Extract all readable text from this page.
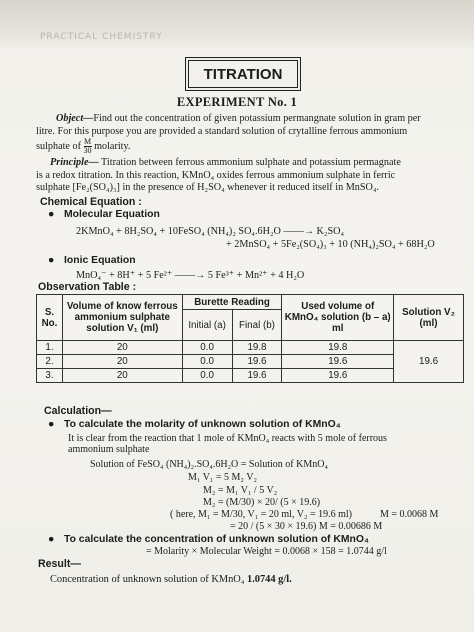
PRACTICAL CHEMISTRY
TITRATION
EXPERIMENT No. 1
Object—Find out the concentration of given potassium permangnate solution in gram per
litre. For this purpose you are provided a standard solution of crytalline ferrous ammonium
sulphate of $\frac{M}{30}$ molarity.
Principle— Titration between ferrous ammonium sulphate and potassium permagnate
is a redox titration. In this reaction, KMnO₄ oxides ferrous ammonium sulphate in ferric
sulphate [Fe₂(SO₄)₃] in the presence of H₂SO₄ whenever it reduced itself in MnSO₄.
Chemical Equation :
● Molecular Equation
2KMnO₄ + 8H₂SO₄ + 10FeSO₄ (NH₄)₂ SO₄.6H₂O ——→ K₂SO₄
+ 2MnSO₄ + 5Fe₂(SO₄)₃ + 10 (NH₄)₂SO₄ + 68H₂O
● Ionic Equation
MnO₄⁻ + 8H⁺ + 5 Fe²⁺ ——→ 5 Fe³⁺ + Mn²⁺ + 4 H₂O
Observation Table :
S. No.	Volume of know ferrous ammonium sulphate solution V₁ (ml)	Burette Reading		Used volume of KMnO₄ solution (b – a) ml	Solution V₂ (ml)
		Initial (a)	Final (b)		
1.	20	0.0	19.8	19.8	19.6
2.	20	0.0	19.6	19.6	
3.	20	0.0	19.6	19.6	
Calculation—
● To calculate the molarity of unknown solution of KMnO₄
It is clear from the reaction that 1 mole of KMnO₄ reacts with 5 mole of ferrous
ammonium sulphate
Solution of FeSO₄ (NH₄)₂.SO₄.6H₂O = Solution of KMnO₄
M₁ V₁ = 5 M₂ V₂
M₂ = M₁ V₁ / 5 V₂
M₂ = (M/30) × 20/ (5 × 19.6)
( here, M₁ = M/30, V₁ = 20 ml, V₂ = 19.6 ml)	M = 0.0068 M
= 20 / (5 × 30 × 19.6) M = 0.00686 M
● To calculate the concentration of unknown solution of KMnO₄
= Molarity × Molecular Weight = 0.0068 × 158 = 1.0744 g/l
Result—
Concentration of unknown solution of KMnO₄ 1.0744 g/l.
